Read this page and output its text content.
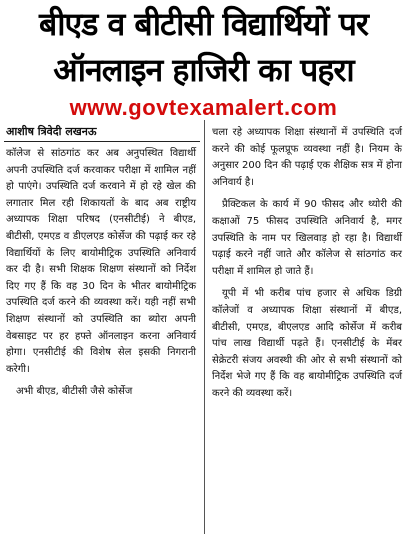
बीएड व बीटीसी विद्यार्थियों पर
ऑनलाइन हाजिरी का पहरा
www.govtexamalert.com
आशीष त्रिवेदी लखनऊ

कॉलेज से सांठगांठ कर अब अनुपस्थित विद्यार्थी अपनी उपस्थिति दर्ज करवाकर परीक्षा में शामिल नहीं हो पाएंगे। उपस्थिति दर्ज करवाने में हो रहे खेल की लगातार मिल रही शिकायतों के बाद अब राष्ट्रीय अध्यापक शिक्षा परिषद (एनसीटीई) ने बीएड, बीटीसी, एमएड व डीएलएड कोर्सेज की पढ़ाई कर रहे विद्यार्थियों के लिए बायोमीट्रिक उपस्थिति अनिवार्य कर दी है। सभी शिक्षक शिक्षण संस्थानों को निर्देश दिए गए हैं कि वह 30 दिन के भीतर बायोमीट्रिक उपस्थिति दर्ज करने की व्यवस्था करें। यही नहीं सभी शिक्षण संस्थानों को उपस्थिति का ब्योरा अपनी वेबसाइट पर हर हफ्ते ऑनलाइन करना अनिवार्य होगा। एनसीटीई की विशेष सेल इसकी निगरानी करेगी।

अभी बीएड, बीटीसी जैसे कोर्सेज

चला रहे अध्यापक शिक्षा संस्थानों में उपस्थिति दर्ज करने की कोई फूलप्रूफ व्यवस्था नहीं है। नियम के अनुसार 200 दिन की पढ़ाई एक शैक्षिक सत्र में होना अनिवार्य है।

प्रैक्टिकल के कार्य में 90 फीसद और थ्योरी की कक्षाओं 75 फीसद उपस्थिति अनिवार्य है, मगर उपस्थिति के नाम पर खिलवाड़ हो रहा है। विद्यार्थी पढ़ाई करने नहीं जाते और कॉलेज से सांठगांठ कर परीक्षा में शामिल हो जाते हैं।

यूपी में भी करीब पांच हजार से अधिक डिग्री कॉलेजों व अध्यापक शिक्षा संस्थानों में बीएड, बीटीसी, एमएड, बीएलएड आदि कोर्सेज में करीब पांच लाख विद्यार्थी पढ़ते हैं। एनसीटीई के मेंबर सेक्रेटरी संजय अवस्थी की ओर से सभी संस्थानों को निर्देश भेजे गए हैं कि वह बायोमीट्रिक उपस्थिति दर्ज करने की व्यवस्था करें।
